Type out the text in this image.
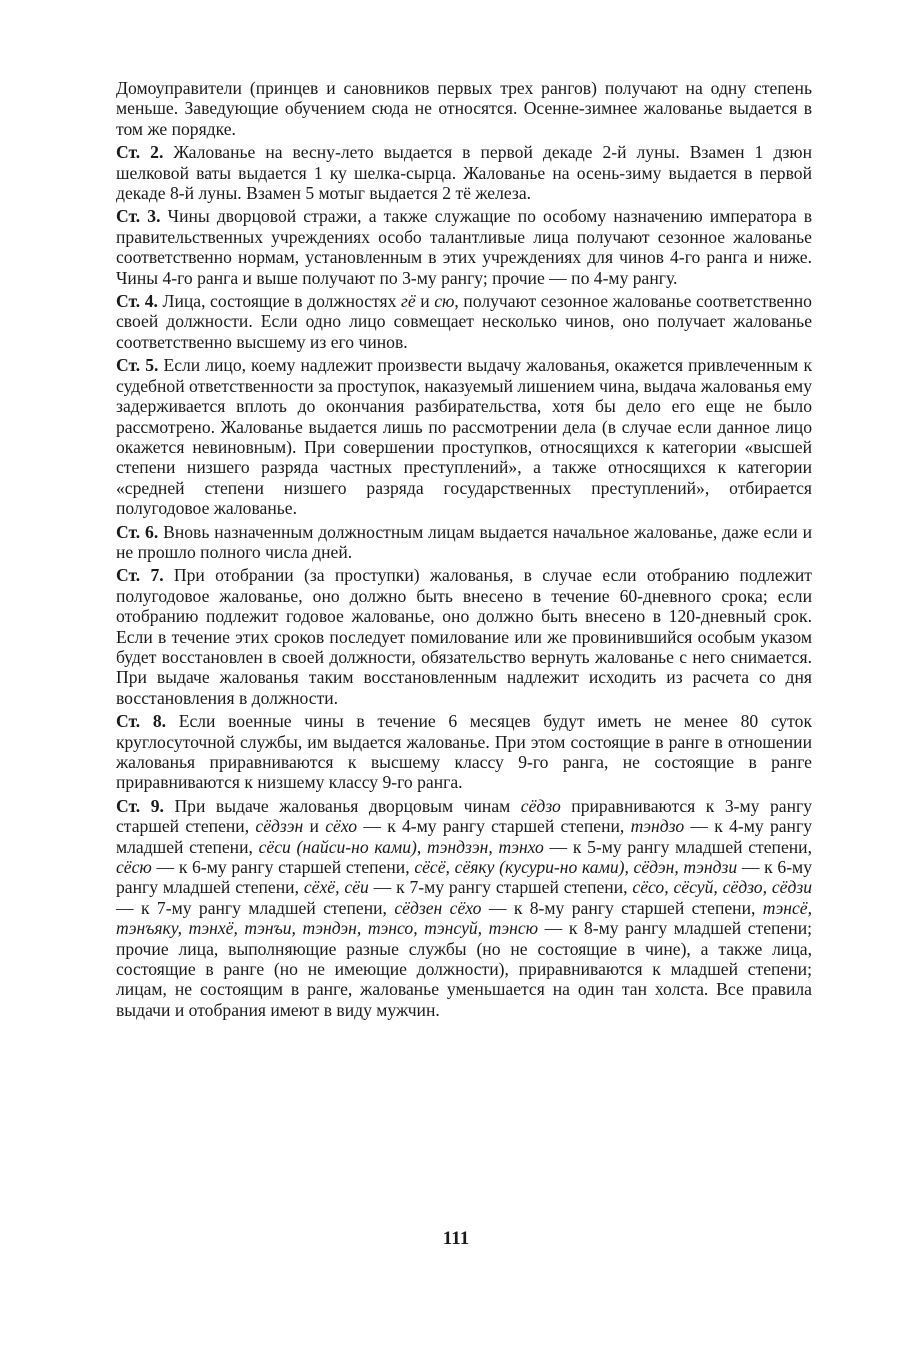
Домоуправители (принцев и сановников первых трех рангов) получают на одну степень меньше. Заведующие обучением сюда не относятся. Осенне-зимнее жалованье выдается в том же порядке.

Ст. 2. Жалованье на весну-лето выдается в первой декаде 2-й луны. Взамен 1 дзюн шелковой ваты выдается 1 ку шелка-сырца. Жалованье на осень-зиму выдается в первой декаде 8-й луны. Взамен 5 мотыг выдается 2 тё железа.

Ст. 3. Чины дворцовой стражи, а также служащие по особому назначению императора в правительственных учреждениях особо талантливые лица получают сезонное жалованье соответственно нормам, установленным в этих учреждениях для чинов 4-го ранга и ниже. Чины 4-го ранга и выше получают по 3-му рангу; прочие — по 4-му рангу.

Ст. 4. Лица, состоящие в должностях гё и сю, получают сезонное жалованье соответственно своей должности. Если одно лицо совмещает несколько чинов, оно получает жалованье соответственно высшему из его чинов.

Ст. 5. Если лицо, коему надлежит произвести выдачу жалованья, окажется привлеченным к судебной ответственности за проступок, наказуемый лишением чина, выдача жалованья ему задерживается вплоть до окончания разбирательства, хотя бы дело его еще не было рассмотрено. Жалованье выдается лишь по рассмотрении дела (в случае если данное лицо окажется невиновным). При совершении проступков, относящихся к категории «высшей степени низшего разряда частных преступлений», а также относящихся к категории «средней степени низшего разряда государственных преступлений», отбирается полугодовое жалованье.

Ст. 6. Вновь назначенным должностным лицам выдается начальное жалованье, даже если и не прошло полного числа дней.

Ст. 7. При отобрании (за проступки) жалованья, в случае если отобранию подлежит полугодовое жалованье, оно должно быть внесено в течение 60-дневного срока; если отобранию подлежит годовое жалованье, оно должно быть внесено в 120-дневный срок. Если в течение этих сроков последует помилование или же провинившийся особым указом будет восстановлен в своей должности, обязательство вернуть жалованье с него снимается. При выдаче жалованья таким восстановленным надлежит исходить из расчета со дня восстановления в должности.

Ст. 8. Если военные чины в течение 6 месяцев будут иметь не менее 80 суток круглосуточной службы, им выдается жалованье. При этом состоящие в ранге в отношении жалованья приравниваются к высшему классу 9-го ранга, не состоящие в ранге приравниваются к низшему классу 9-го ранга.

Ст. 9. При выдаче жалованья дворцовым чинам сёдзо приравниваются к 3-му рангу старшей степени, сёдзэн и сёхо — к 4-му рангу старшей степени, тэндзо — к 4-му рангу младшей степени, сёси (найси-но ками), тэндзэн, тэнхо — к 5-му рангу младшей степени, сёсю — к 6-му рангу старшей степени, сёсё, сёяку (кусури-но ками), сёдэн, тэндзи — к 6-му рангу младшей степени, сёхё, сёи — к 7-му рангу старшей степени, сёсо, сёсуй, сёдзо, сёдзи — к 7-му рангу младшей степени, сёдзен сёхо — к 8-му рангу старшей степени, тэнсё, тэнъяку, тэнхё, тэнъи, тэндэн, тэнсо, тэнсуй, тэнсю — к 8-му рангу младшей степени; прочие лица, выполняющие разные службы (но не состоящие в чине), а также лица, состоящие в ранге (но не имеющие должности), приравниваются к младшей степени; лицам, не состоящим в ранге, жалованье уменьшается на один тан холста. Все правила выдачи и отобрания имеют в виду мужчин.

111
